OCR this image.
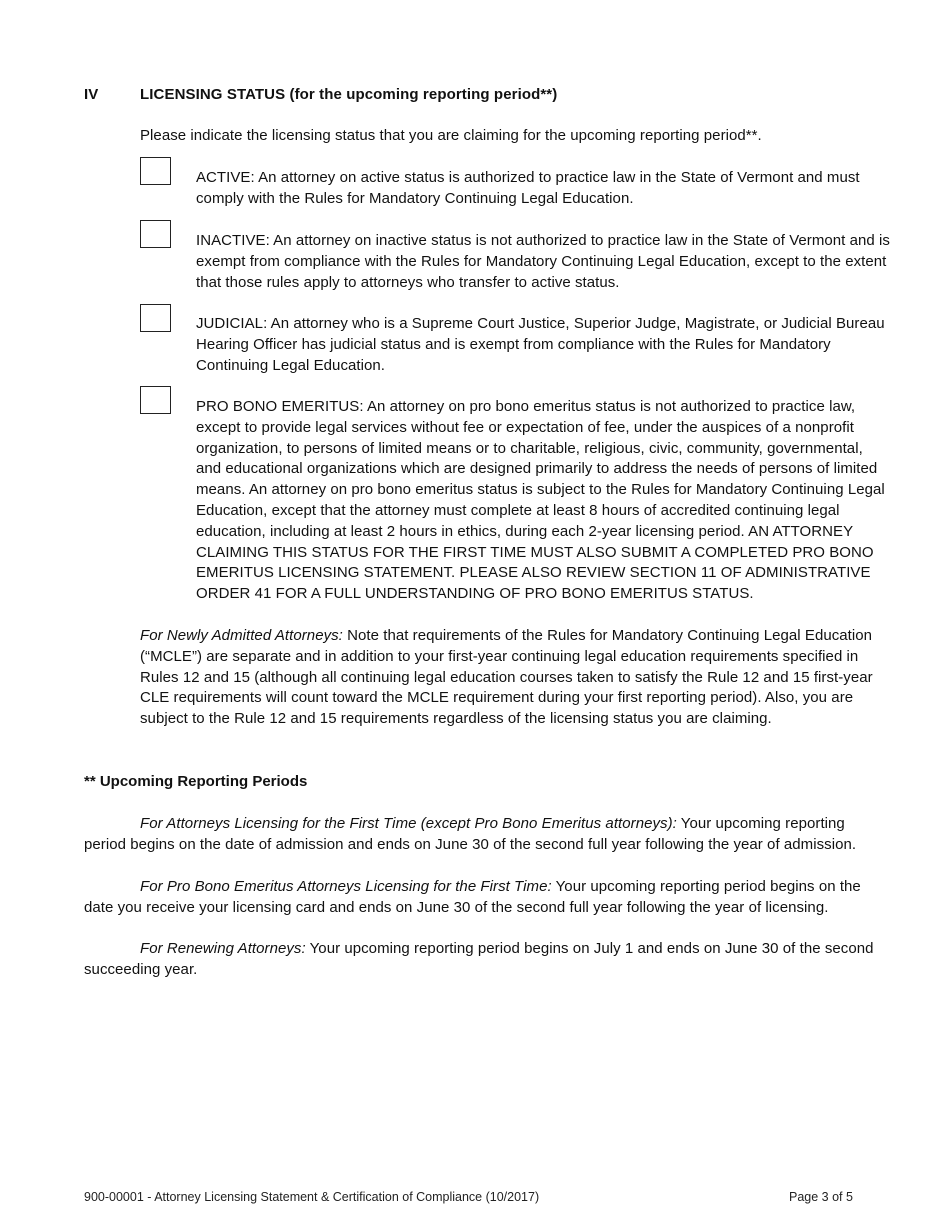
IV	LICENSING STATUS (for the upcoming reporting period**)
Please indicate the licensing status that you are claiming for the upcoming reporting period**.
ACTIVE: An attorney on active status is authorized to practice law in the State of Vermont and must comply with the Rules for Mandatory Continuing Legal Education.
INACTIVE: An attorney on inactive status is not authorized to practice law in the State of Vermont and is exempt from compliance with the Rules for Mandatory Continuing Legal Education, except to the extent that those rules apply to attorneys who transfer to active status.
JUDICIAL: An attorney who is a Supreme Court Justice, Superior Judge, Magistrate, or Judicial Bureau Hearing Officer has judicial status and is exempt from compliance with the Rules for Mandatory Continuing Legal Education.
PRO BONO EMERITUS: An attorney on pro bono emeritus status is not authorized to practice law, except to provide legal services without fee or expectation of fee, under the auspices of a nonprofit organization, to persons of limited means or to charitable, religious, civic, community, governmental, and educational organizations which are designed primarily to address the needs of persons of limited means. An attorney on pro bono emeritus status is subject to the Rules for Mandatory Continuing Legal Education, except that the attorney must complete at least 8 hours of accredited continuing legal education, including at least 2 hours in ethics, during each 2-year licensing period. AN ATTORNEY CLAIMING THIS STATUS FOR THE FIRST TIME MUST ALSO SUBMIT A COMPLETED PRO BONO EMERITUS LICENSING STATEMENT. PLEASE ALSO REVIEW SECTION 11 OF ADMINISTRATIVE ORDER 41 FOR A FULL UNDERSTANDING OF PRO BONO EMERITUS STATUS.
For Newly Admitted Attorneys: Note that requirements of the Rules for Mandatory Continuing Legal Education (“MCLE”) are separate and in addition to your first-year continuing legal education requirements specified in Rules 12 and 15 (although all continuing legal education courses taken to satisfy the Rule 12 and 15 first-year CLE requirements will count toward the MCLE requirement during your first reporting period). Also, you are subject to the Rule 12 and 15 requirements regardless of the licensing status you are claiming.
** Upcoming Reporting Periods
For Attorneys Licensing for the First Time (except Pro Bono Emeritus attorneys): Your upcoming reporting period begins on the date of admission and ends on June 30 of the second full year following the year of admission.
For Pro Bono Emeritus Attorneys Licensing for the First Time: Your upcoming reporting period begins on the date you receive your licensing card and ends on June 30 of the second full year following the year of licensing.
For Renewing Attorneys: Your upcoming reporting period begins on July 1 and ends on June 30 of the second succeeding year.
900-00001 - Attorney Licensing Statement & Certification of Compliance (10/2017)	Page 3 of 5
